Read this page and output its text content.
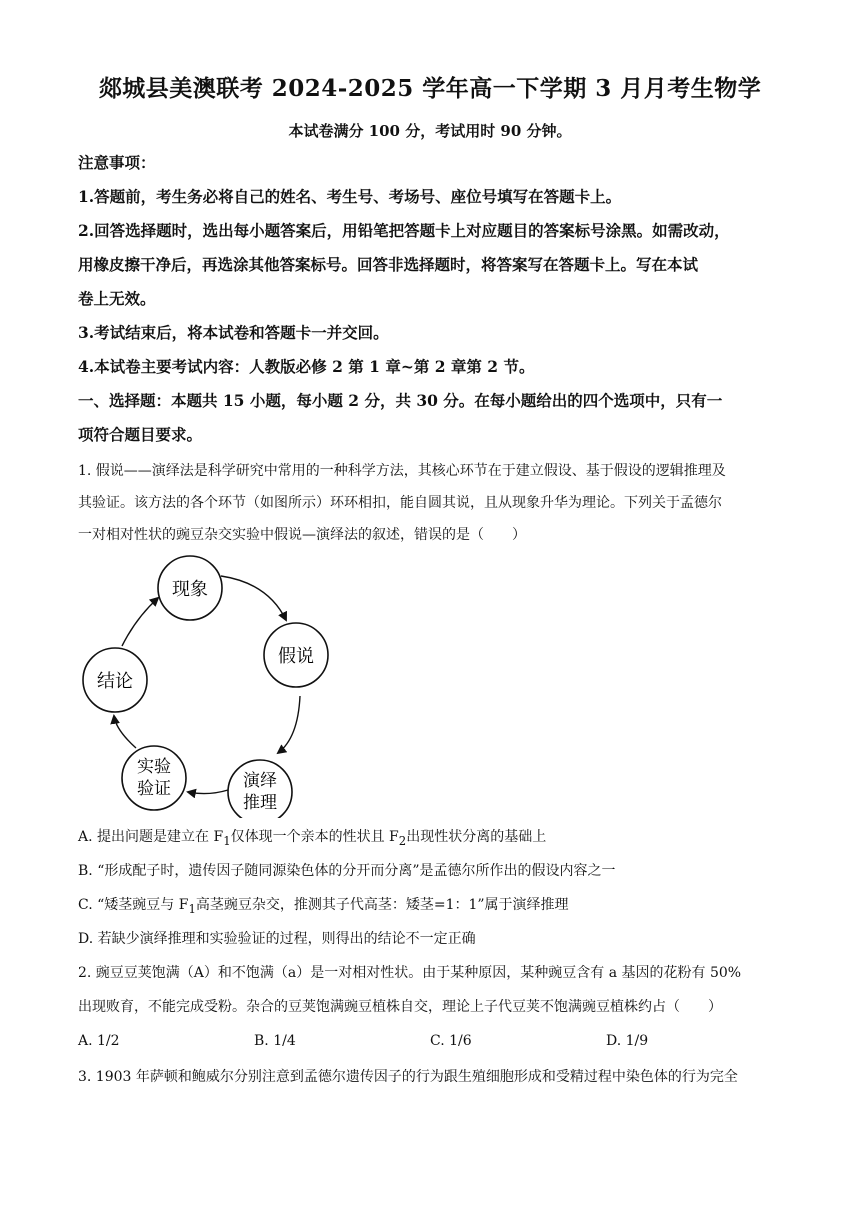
郯城县美澳联考 2024-2025 学年高一下学期 3 月月考生物学
本试卷满分 100 分，考试用时 90 分钟。
注意事项：
1.答题前，考生务必将自己的姓名、考生号、考场号、座位号填写在答题卡上。
2.回答选择题时，选出每小题答案后，用铅笔把答题卡上对应题目的答案标号涂黑。如需改动，
用橡皮擦干净后，再选涂其他答案标号。回答非选择题时，将答案写在答题卡上。写在本试
卷上无效。
3.考试结束后，将本试卷和答题卡一并交回。
4.本试卷主要考试内容：人教版必修 2 第 1 章~第 2 章第 2 节。
一、选择题：本题共 15 小题，每小题 2 分，共 30 分。在每小题给出的四个选项中，只有一
项符合题目要求。
1. 假说——演绎法是科学研究中常用的一种科学方法，其核心环节在于建立假设、基于假设的逻辑推理及
其验证。该方法的各个环节（如图所示）环环相扣，能自圆其说，且从现象升华为理论。下列关于孟德尔
一对相对性状的豌豆杂交实验中假说—演绎法的叙述，错误的是（　　）
现象
假说
演绎
推理
实验
验证
结论
A. 提出问题是建立在 $F_1$仅体现一个亲本的性状且 $F_2$出现性状分离的基础上
B. “形成配子时，遗传因子随同源染色体的分开而分离”是孟德尔所作出的假设内容之一
C. “矮茎豌豆与 $F_1$高茎豌豆杂交，推测其子代高茎：矮茎=1：1”属于演绎推理
D. 若缺少演绎推理和实验验证的过程，则得出的结论不一定正确
2. 豌豆豆荚饱满（A）和不饱满（a）是一对相对性状。由于某种原因，某种豌豆含有 a 基因的花粉有 50%
出现败育，不能完成受粉。杂合的豆荚饱满豌豆植株自交，理论上子代豆荚不饱满豌豆植株约占（　　）
A. 1/2	B. 1/4	C. 1/6	D. 1/9
3. 1903 年萨顿和鲍威尔分别注意到孟德尔遗传因子的行为跟生殖细胞形成和受精过程中染色体的行为完全
